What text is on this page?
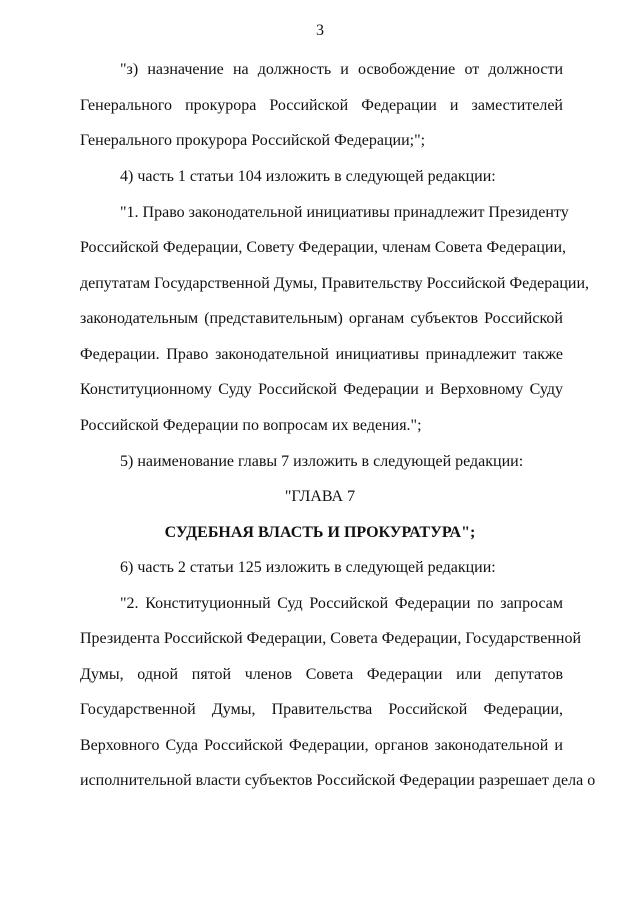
3
"з) назначение на должность и освобождение от должности
Генерального прокурора Российской Федерации и заместителей
Генерального прокурора Российской Федерации;";
4) часть 1 статьи 104 изложить в следующей редакции:
"1. Право законодательной инициативы принадлежит Президенту
Российской Федерации, Совету Федерации, членам Совета Федерации,
депутатам Государственной Думы, Правительству Российской Федерации,
законодательным (представительным) органам субъектов Российской
Федерации. Право законодательной инициативы принадлежит также
Конституционному Суду Российской Федерации и Верховному Суду
Российской Федерации по вопросам их ведения.";
5) наименование главы 7 изложить в следующей редакции:
"ГЛАВА 7
СУДЕБНАЯ ВЛАСТЬ И ПРОКУРАТУРА";
6) часть 2 статьи 125 изложить в следующей редакции:
"2. Конституционный Суд Российской Федерации по запросам
Президента Российской Федерации, Совета Федерации, Государственной
Думы, одной пятой членов Совета Федерации или депутатов
Государственной Думы, Правительства Российской Федерации,
Верховного Суда Российской Федерации, органов законодательной и
исполнительной власти субъектов Российской Федерации разрешает дела о
